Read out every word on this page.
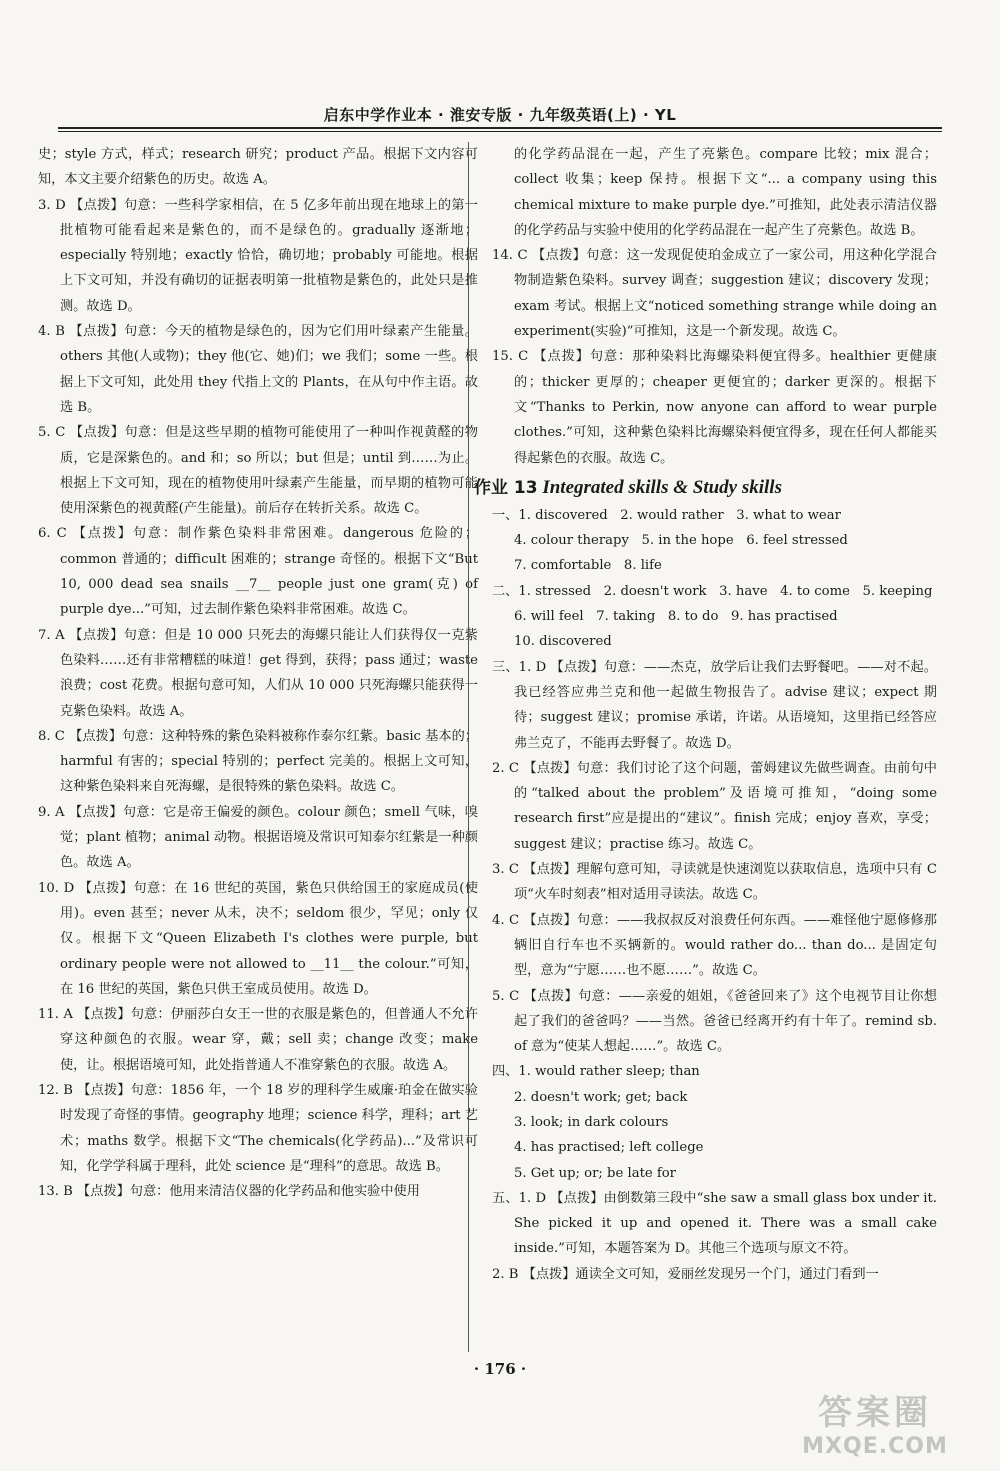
启东中学作业本 · 淮安专版 · 九年级英语(上) · YL

史；style 方式，样式；research 研究；product 产品。根据下文内容可知，本文主要介绍紫色的历史。故选 A。

3. D 【点拨】句意：一些科学家相信，在 5 亿多年前出现在地球上的第一批植物可能看起来是紫色的，而不是绿色的。gradually 逐渐地；especially 特别地；exactly 恰恰，确切地；probably 可能地。根据上下文可知，并没有确切的证据表明第一批植物是紫色的，此处只是推测。故选 D。

4. B 【点拨】句意：今天的植物是绿色的，因为它们用叶绿素产生能量。others 其他(人或物)；they 他(它、她)们；we 我们；some 一些。根据上下文可知，此处用 they 代指上文的 Plants，在从句中作主语。故选 B。

5. C 【点拨】句意：但是这些早期的植物可能使用了一种叫作视黄醛的物质，它是深紫色的。and 和；so 所以；but 但是；until 到……为止。根据上下文可知，现在的植物使用叶绿素产生能量，而早期的植物可能使用深紫色的视黄醛(产生能量)。前后存在转折关系。故选 C。

6. C 【点拨】句意：制作紫色染料非常困难。dangerous 危险的；common 普通的；difficult 困难的；strange 奇怪的。根据下文“But 10, 000 dead sea snails __7__ people just one gram(克) of purple dye...”可知，过去制作紫色染料非常困难。故选 C。

7. A 【点拨】句意：但是 10 000 只死去的海螺只能让人们获得仅一克紫色染料……还有非常糟糕的味道！get 得到，获得；pass 通过；waste 浪费；cost 花费。根据句意可知，人们从 10 000 只死海螺只能获得一克紫色染料。故选 A。

8. C 【点拨】句意：这种特殊的紫色染料被称作泰尔红紫。basic 基本的；harmful 有害的；special 特别的；perfect 完美的。根据上文可知，这种紫色染料来自死海螺，是很特殊的紫色染料。故选 C。

9. A 【点拨】句意：它是帝王偏爱的颜色。colour 颜色；smell 气味，嗅觉；plant 植物；animal 动物。根据语境及常识可知泰尔红紫是一种颜色。故选 A。

10. D 【点拨】句意：在 16 世纪的英国，紫色只供给国王的家庭成员(使用)。even 甚至；never 从未，决不；seldom 很少，罕见；only 仅仅。根据下文“Queen Elizabeth I's clothes were purple, but ordinary people were not allowed to __11__ the colour.”可知，在 16 世纪的英国，紫色只供王室成员使用。故选 D。

11. A 【点拨】句意：伊丽莎白女王一世的衣服是紫色的，但普通人不允许穿这种颜色的衣服。wear 穿，戴；sell 卖；change 改变；make 使，让。根据语境可知，此处指普通人不准穿紫色的衣服。故选 A。

12. B 【点拨】句意：1856 年，一个 18 岁的理科学生威廉·珀金在做实验时发现了奇怪的事情。geography 地理；science 科学，理科；art 艺术；maths 数学。根据下文“The chemicals(化学药品)...”及常识可知，化学学科属于理科，此处 science 是“理科”的意思。故选 B。

13. B 【点拨】句意：他用来清洁仪器的化学药品和他实验中使用

的化学药品混在一起，产生了亮紫色。compare 比较；mix 混合；collect 收集；keep 保持。根据下文“... a company using this chemical mixture to make purple dye.”可推知，此处表示清洁仪器的化学药品与实验中使用的化学药品混在一起产生了亮紫色。故选 B。

14. C 【点拨】句意：这一发现促使珀金成立了一家公司，用这种化学混合物制造紫色染料。survey 调查；suggestion 建议；discovery 发现；exam 考试。根据上文“noticed something strange while doing an experiment(实验)”可推知，这是一个新发现。故选 C。

15. C 【点拨】句意：那种染料比海螺染料便宜得多。healthier 更健康的；thicker 更厚的；cheaper 更便宜的；darker 更深的。根据下文“Thanks to Perkin, now anyone can afford to wear purple clothes.”可知，这种紫色染料比海螺染料便宜得多，现在任何人都能买得起紫色的衣服。故选 C。

作业 13 Integrated skills & Study skills

一、1. discovered   2. would rather   3. what to wear

4. colour therapy   5. in the hope   6. feel stressed

7. comfortable   8. life

二、1. stressed   2. doesn't work   3. have   4. to come   5. keeping

6. will feel   7. taking   8. to do   9. has practised

10. discovered

三、1. D 【点拨】句意：——杰克，放学后让我们去野餐吧。——对不起。我已经答应弗兰克和他一起做生物报告了。advise 建议；expect 期待；suggest 建议；promise 承诺，许诺。从语境知，这里指已经答应弗兰克了，不能再去野餐了。故选 D。

2. C 【点拨】句意：我们讨论了这个问题，蕾姆建议先做些调查。由前句中的“talked about the problem”及语境可推知，“doing some research first”应是提出的“建议”。finish 完成；enjoy 喜欢，享受；suggest 建议；practise 练习。故选 C。

3. C 【点拨】理解句意可知，寻读就是快速浏览以获取信息，选项中只有 C 项“火车时刻表”相对适用寻读法。故选 C。

4. C 【点拨】句意：——我叔叔反对浪费任何东西。——难怪他宁愿修修那辆旧自行车也不买辆新的。would rather do... than do... 是固定句型，意为“宁愿……也不愿……”。故选 C。

5. C 【点拨】句意：——亲爱的姐姐，《爸爸回来了》这个电视节目让你想起了我们的爸爸吗？——当然。爸爸已经离开约有十年了。remind sb. of 意为“使某人想起……”。故选 C。

四、1. would rather sleep; than

2. doesn't work; get; back

3. look; in dark colours

4. has practised; left college

5. Get up; or; be late for

五、1. D 【点拨】由倒数第三段中“she saw a small glass box under it. She picked it up and opened it. There was a small cake inside.”可知，本题答案为 D。其他三个选项与原文不符。

2. B 【点拨】通读全文可知，爱丽丝发现另一个门，通过门看到一

· 176 ·
答案圈
MXQE.COM
